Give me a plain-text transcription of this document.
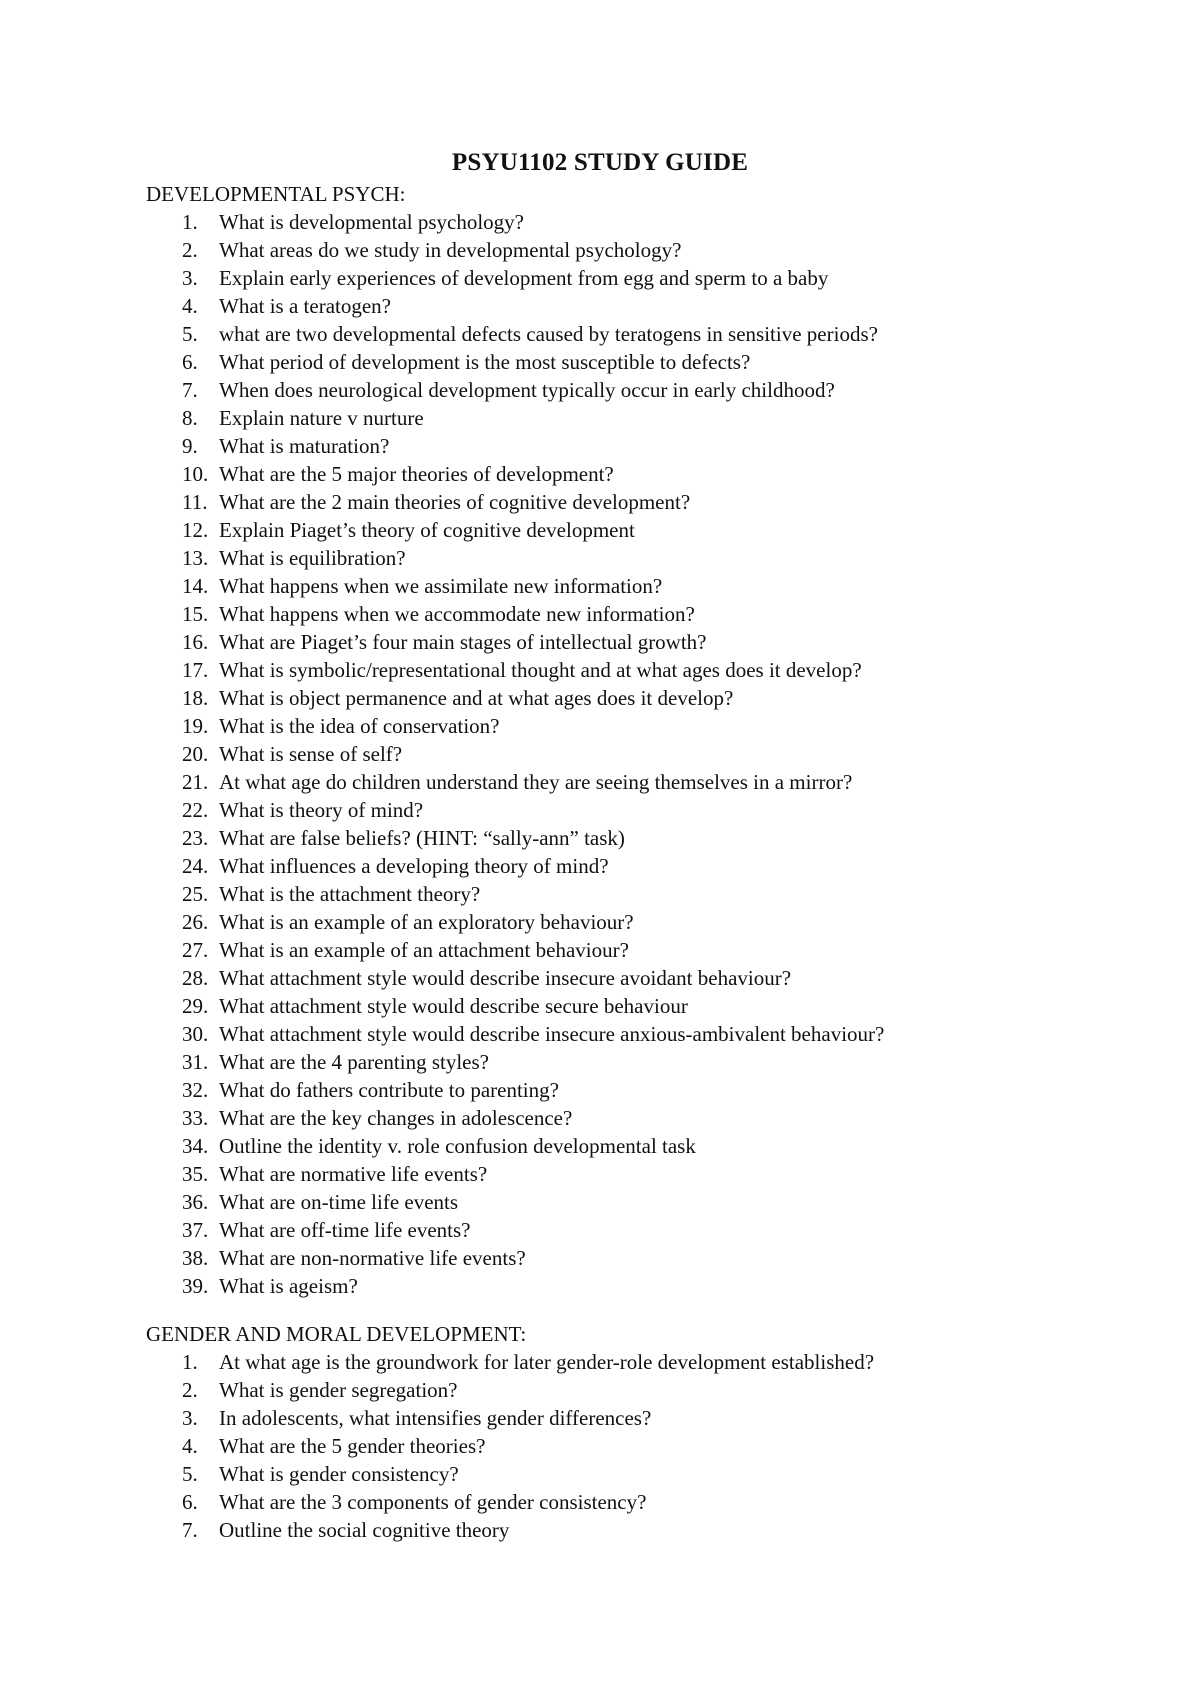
PSYU1102 STUDY GUIDE
DEVELOPMENTAL PSYCH:
1.	What is developmental psychology?
2.	What areas do we study in developmental psychology?
3.	Explain early experiences of development from egg and sperm to a baby
4.	What is a teratogen?
5.	what are two developmental defects caused by teratogens in sensitive periods?
6.	What period of development is the most susceptible to defects?
7.	When does neurological development typically occur in early childhood?
8.	Explain nature v nurture
9.	What is maturation?
10. What are the 5 major theories of development?
11. What are the 2 main theories of cognitive development?
12. Explain Piaget’s theory of cognitive development
13. What is equilibration?
14. What happens when we assimilate new information?
15. What happens when we accommodate new information?
16. What are Piaget’s four main stages of intellectual growth?
17. What is symbolic/representational thought and at what ages does it develop?
18. What is object permanence and at what ages does it develop?
19. What is the idea of conservation?
20. What is sense of self?
21. At what age do children understand they are seeing themselves in a mirror?
22. What is theory of mind?
23. What are false beliefs? (HINT: “sally-ann” task)
24. What influences a developing theory of mind?
25. What is the attachment theory?
26. What is an example of an exploratory behaviour?
27. What is an example of an attachment behaviour?
28. What attachment style would describe insecure avoidant behaviour?
29. What attachment style would describe secure behaviour
30. What attachment style would describe insecure anxious-ambivalent behaviour?
31. What are the 4 parenting styles?
32. What do fathers contribute to parenting?
33. What are the key changes in adolescence?
34. Outline the identity v. role confusion developmental task
35. What are normative life events?
36. What are on-time life events
37. What are off-time life events?
38. What are non-normative life events?
39. What is ageism?
GENDER AND MORAL DEVELOPMENT:
1.	At what age is the groundwork for later gender-role development established?
2.	What is gender segregation?
3.	In adolescents, what intensifies gender differences?
4.	What are the 5 gender theories?
5.	What is gender consistency?
6.	What are the 3 components of gender consistency?
7.	Outline the social cognitive theory
